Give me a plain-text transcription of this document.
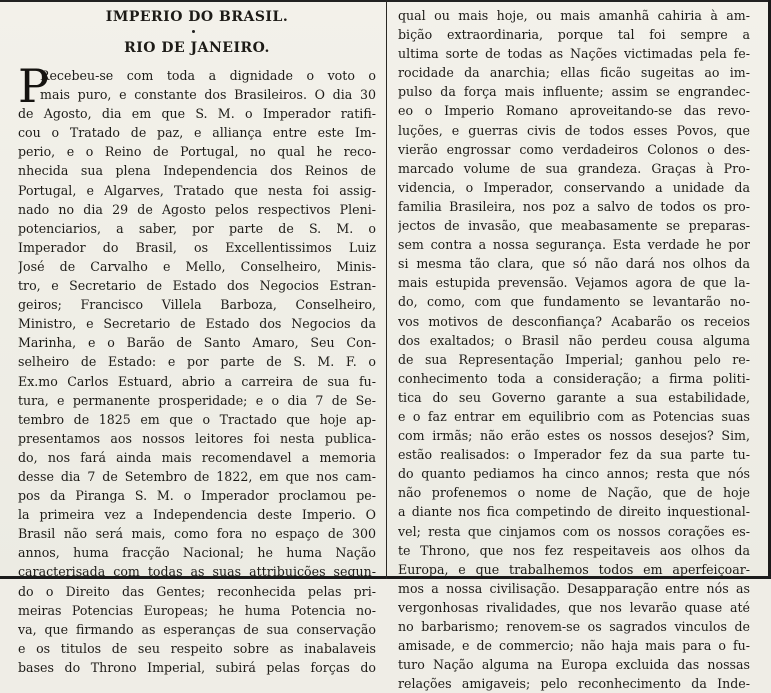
IMPERIO DO BRASIL.

RIO DE JANEIRO.

P
Recebeu-se com toda a dignidade o voto o
mais puro, e constante dos Brasileiros. O dia 30
de Agosto, dia em que S. M. o Imperador ratifi-
cou o Tratado de paz, e alliança entre este Im-
perio, e o Reino de Portugal, no qual he reco-
nhecida sua plena Independencia dos Reinos de
Portugal, e Algarves, Tratado que nesta foi assig-
nado no dia 29 de Agosto pelos respectivos Pleni-
potenciarios, a saber, por parte de S. M. o
Imperador do Brasil, os Excellentissimos Luiz
José de Carvalho e Mello, Conselheiro, Minis-
tro, e Secretario de Estado dos Negocios Estran-
geiros; Francisco Villela Barboza, Conselheiro,
Ministro, e Secretario de Estado dos Negocios da
Marinha, e o Barão de Santo Amaro, Seu Con-
selheiro de Estado: e por parte de S. M. F. o
Ex.mo Carlos Estuard, abrio a carreira de sua fu-
tura, e permanente prosperidade; e o dia 7 de Se-
tembro de 1825 em que o Tractado que hoje ap-
presentamos aos nossos leitores foi nesta publica-
do, nos fará ainda mais recomendavel a memoria
desse dia 7 de Setembro de 1822, em que nos cam-
pos da Piranga S. M. o Imperador proclamou pe-
la primeira vez a Independencia deste Imperio. O
Brasil não será mais, como fora no espaço de 300
annos, huma fracção Nacional; he huma Nação
caracterisada com todas as suas attribuições segun-
do o Direito das Gentes; reconhecida pelas pri-
meiras Potencias Europeas; he huma Potencia no-
va, que firmando as esperanças de sua conservação
e os titulos de seu respeito sobre as inabalaveis
bases do Throno Imperial, subirá pelas forças do
qual ou mais hoje, ou mais amanhã cahiria à am-
bição extraordinaria, porque tal foi sempre a
ultima sorte de todas as Nações victimadas pela fe-
rocidade da anarchia; ellas ficão sugeitas ao im-
pulso da força mais influente; assim se engrandec-
eo o Imperio Romano aproveitando-se das revo-
luções, e guerras civis de todos esses Povos, que
vierão engrossar como verdadeiros Colonos o des-
marcado volume de sua grandeza. Graças à Pro-
videncia, o Imperador, conservando a unidade da
familia Brasileira, nos poz a salvo de todos os pro-
jectos de invasão, que meabasamente se preparas-
sem contra a nossa segurança. Esta verdade he por
si mesma tão clara, que só não dará nos olhos da
mais estupida prevensão. Vejamos agora de que la-
do, como, com que fundamento se levantarão no-
vos motivos de desconfiança? Acabarão os receios
dos exaltados; o Brasil não perdeu cousa alguma
de sua Representação Imperial; ganhou pelo re-
conhecimento toda a consideração; a firma politi-
tica do seu Governo garante a sua estabilidade,
e o faz entrar em equilibrio com as Potencias suas
com irmãs; não erão estes os nossos desejos? Sim,
estão realisados: o Imperador fez da sua parte tu-
do quanto pediamos ha cinco annos; resta que nós
não profenemos o nome de Nação, que de hoje
a diante nos fica competindo de direito inquestional-
vel; resta que cinjamos com os nossos corações es-
te Throno, que nos fez respeitaveis aos olhos da
Europa, e que trabalhemos todos em aperfeiçoar-
mos a nossa civilisação. Desapparação entre nós as
vergonhosas rivalidades, que nos levarão quase até
no barbarismo; renovem-se os sagrados vinculos de
amisade, e de commercio; não haja mais para o fu-
turo Nação alguma na Europa excluida das nossas
relações amigaveis; pelo reconhecimento da Inde-
